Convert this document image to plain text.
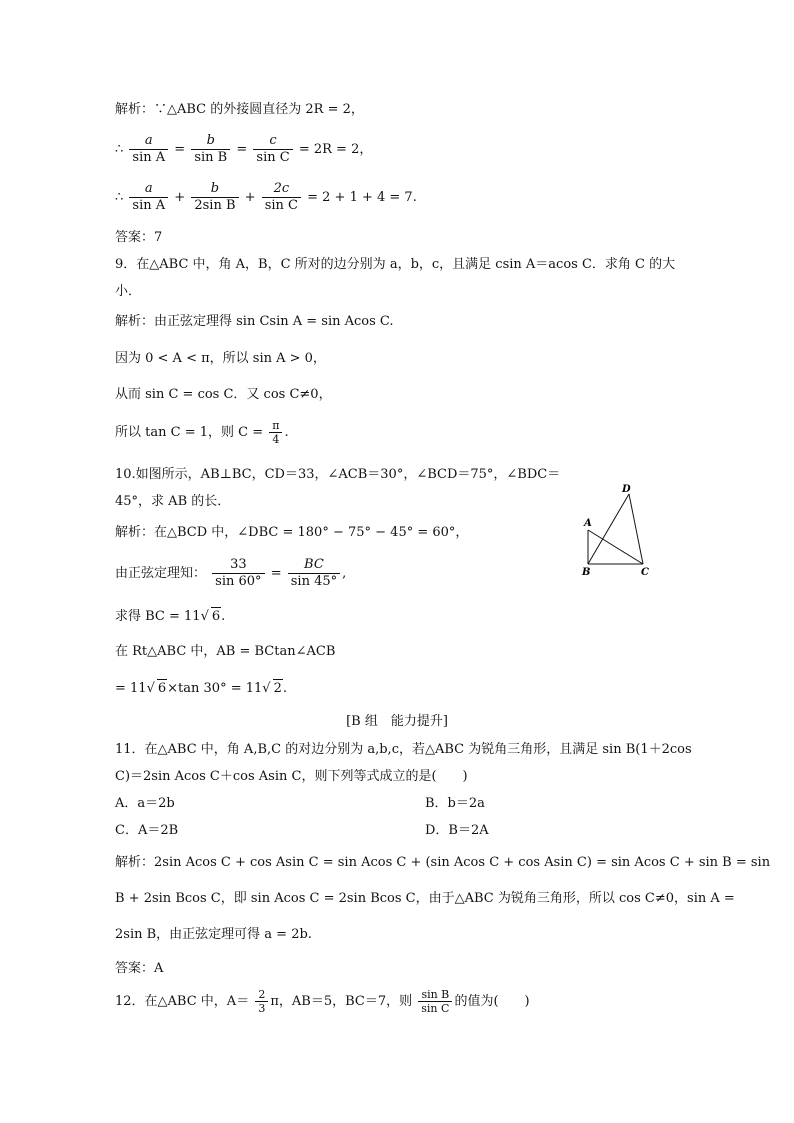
解析：∵△ABC 的外接圆直径为 2R = 2，
∴ $\frac{a}{\text{sin A}} = \frac{b}{\text{sin B}} = \frac{c}{\text{sin C}} = 2R = 2$，
∴ $\frac{a}{\text{sin A}} + \frac{b}{\text{2sin B}} + \frac{2c}{\text{sin C}} = 2 + 1 + 4 = 7$.
答案：7
9．在△ABC 中，角 A，B，C 所对的边分别为 a，b，c，且满足 csin A＝acos C．求角 C 的大
小．
解析：由正弦定理得 sin Csin A = sin Acos C.
因为 0 < A < π，所以 sin A > 0，
从而 sin C = cos C．又 cos C≠0，
所以 tan C = 1，则 $C = \frac{\pi}{4}$ .
10.如图所示，AB⊥BC，CD＝33，∠ACB＝30°，∠BCD＝75°，∠BDC＝
45°，求 AB 的长．
解析：在△BCD 中，∠DBC = 180° − 75° − 45° = 60°，
由正弦定理知： $\frac{33}{\sin 60^\circ} = \frac{BC}{\sin 45^\circ}$ ,
求得 BC = 11√ 6.
在 Rt△ABC 中，AB = BCtan∠ACB
= 11√ 6×tan 30° = 11√ 2.
[B 组　能力提升]
11．在△ABC 中，角 A,B,C 的对边分别为 a,b,c，若△ABC 为锐角三角形，且满足 sin B(1＋2cos
C)＝2sin Acos C＋cos Asin C，则下列等式成立的是(　　)
A．a＝2b	B．b＝2a
C．A＝2B	D．B＝2A
解析：2sin Acos C + cos Asin C = sin Acos C + (sin Acos C + cos Asin C) = sin Acos C + sin B = sin
B + 2sin Bcos C，即 sin Acos C = 2sin Bcos C，由于△ABC 为锐角三角形，所以 cos C≠0，sin A =
2sin B，由正弦定理可得 a = 2b.
答案：A
12．在△ABC 中，$A= \frac{2}{3}$ π，AB＝5，BC＝7，则 $\frac{\text{sin B}}{\text{sin C}}$ 的值为(　　)
D
A
B	C
